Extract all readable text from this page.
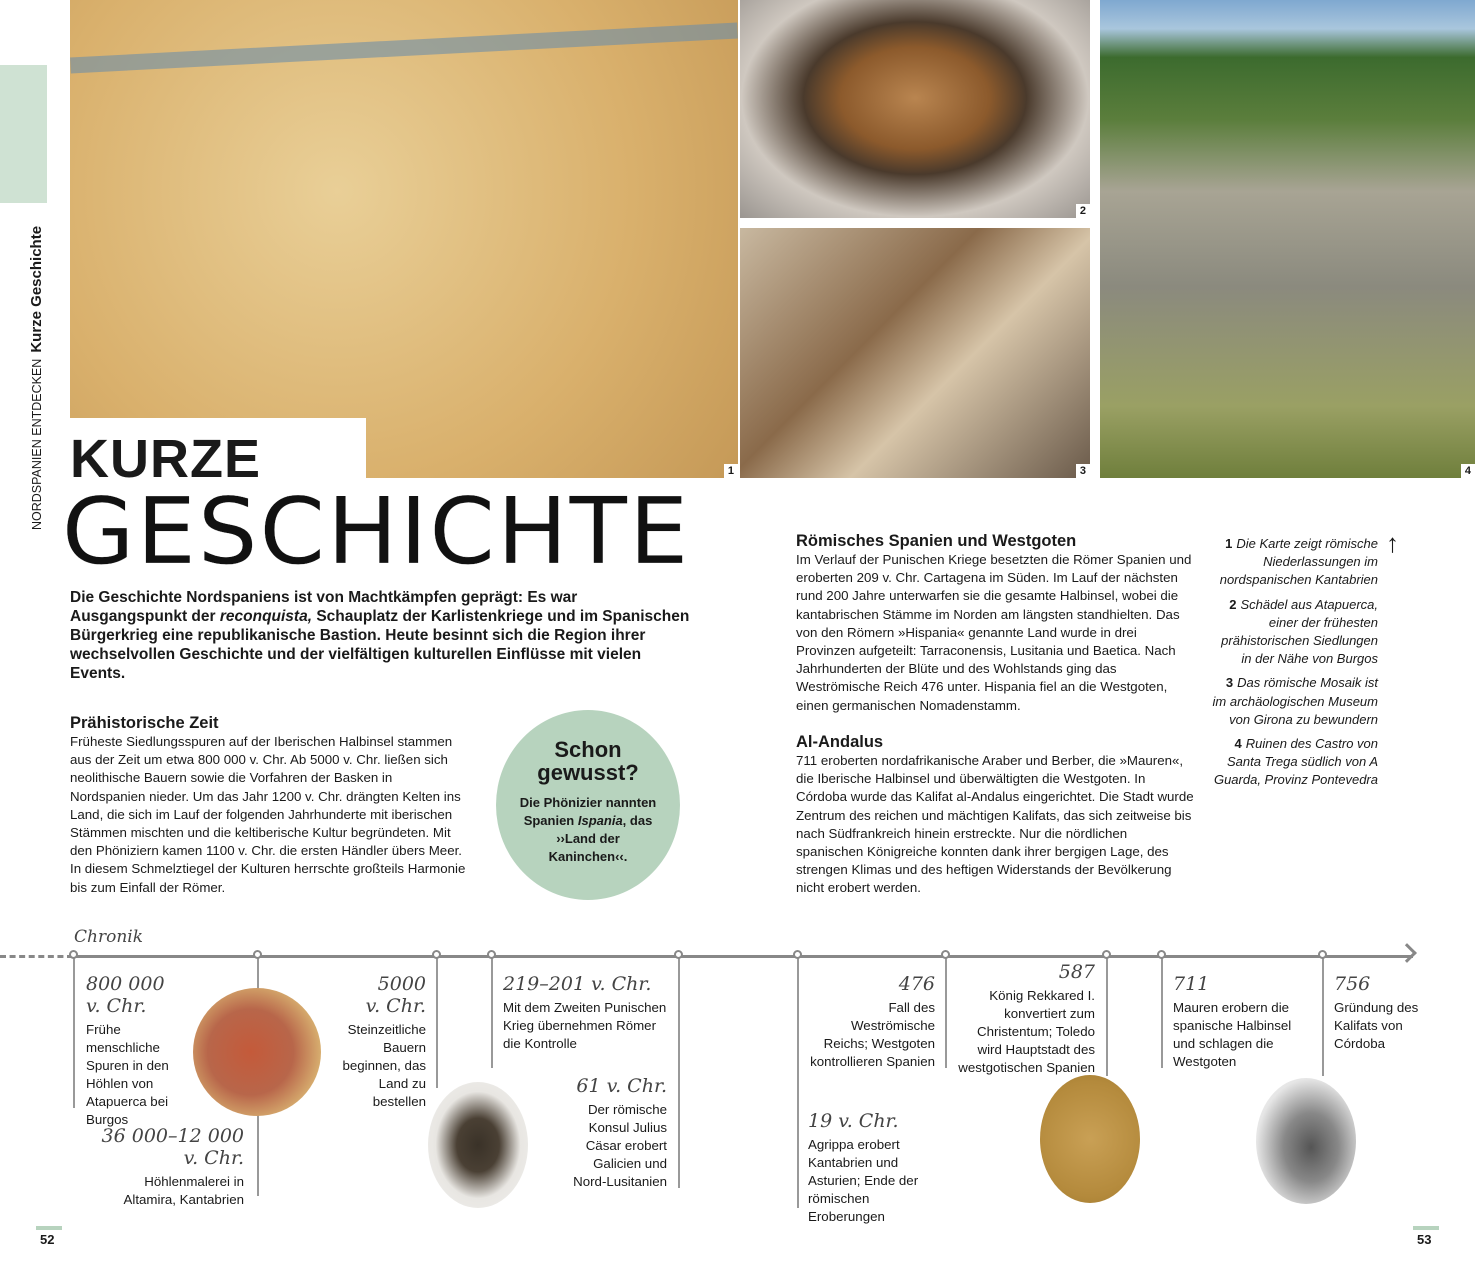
NORDSPANIEN ENTDECKENKurze Geschichte
1
2
3	4
KURZE
GESCHICHTE
Die Geschichte Nordspaniens ist von Machtkämpfen geprägt: Es war Ausgangspunkt der reconquista, Schauplatz der Karlistenkriege und im Spanischen Bürgerkrieg eine republikanische Bastion. Heute besinnt sich die Region ihrer wechselvollen Geschichte und der vielfältigen kulturellen Einflüsse mit vielen Events.
Prähistorische Zeit
Früheste Siedlungsspuren auf der Iberischen Halbinsel stammen aus der Zeit um etwa 800 000 v. Chr. Ab 5000 v. Chr. ließen sich neolithische Bauern sowie die Vorfahren der Basken in Nordspanien nieder. Um das Jahr 1200 v. Chr. drängten Kelten ins Land, die sich im Lauf der folgenden Jahrhunderte mit iberischen Stämmen mischten und die keltiberische Kultur begründeten. Mit den Phöniziern kamen 1100 v. Chr. die ersten Händler übers Meer. In diesem Schmelztiegel der Kulturen herrschte großteils Harmonie bis zum Einfall der Römer.
Schon gewusst?
Die Phönizier nannten Spanien Ispania, das ››Land der Kaninchen‹‹.
Römisches Spanien und Westgoten
Im Verlauf der Punischen Kriege besetzten die Römer Spanien und eroberten 209 v. Chr. Cartagena im Süden. Im Lauf der nächsten rund 200 Jahre unterwarfen sie die gesamte Halbinsel, wobei die kantabrischen Stämme im Norden am längsten standhielten. Das von den Römern »Hispania« genannte Land wurde in drei Provinzen aufgeteilt: Tarraconensis, Lusitania und Baetica. Nach Jahrhunderten der Blüte und des Wohlstands ging das Weströmische Reich 476 unter. Hispania fiel an die Westgoten, einen germanischen Nomadenstamm.
Al-Andalus
711 eroberten nordafrikanische Araber und Berber, die »Mauren«, die Iberische Halbinsel und überwältigten die Westgoten. In Córdoba wurde das Kalifat al-Andalus eingerichtet. Die Stadt wurde Zentrum des reichen und mächtigen Kalifats, das sich zeitweise bis nach Südfrankreich hinein erstreckte. Nur die nördlichen spanischen Königreiche konnten dank ihrer bergigen Lage, des strengen Klimas und des heftigen Widerstands der Bevölkerung nicht erobert werden.
1 Die Karte zeigt römische Niederlassungen im nordspanischen Kantabrien
2 Schädel aus Atapuerca, einer der frühesten prähistorischen Siedlungen in der Nähe von Burgos
3 Das römische Mosaik ist im archäologischen Museum von Girona zu bewundern
4 Ruinen des Castro von Santa Trega südlich von A Guarda, Provinz Pontevedra
↑
Chronik
800 000 v. Chr.
Frühe menschliche Spuren in den Höhlen von Atapuerca bei Burgos
36 000–12 000 v. Chr.
Höhlenmalerei in Altamira, Kantabrien
5000 v. Chr.
Steinzeitliche Bauern beginnen, das Land zu bestellen
219–201 v. Chr.
Mit dem Zweiten Punischen Krieg übernehmen Römer die Kontrolle
61 v. Chr.
Der römische Konsul Julius Cäsar erobert Galicien und Nord-Lusitanien
19 v. Chr.
Agrippa erobert Kantabrien und Asturien; Ende der römischen Eroberungen
476
Fall des Weströmische Reichs; Westgoten kontrollieren Spanien
587
König Rekkared I. konvertiert zum Christentum; Toledo wird Hauptstadt des westgotischen Spanien
711
Mauren erobern die spanische Halbinsel und schlagen die Westgoten
756
Gründung des Kalifats von Córdoba
52	53
